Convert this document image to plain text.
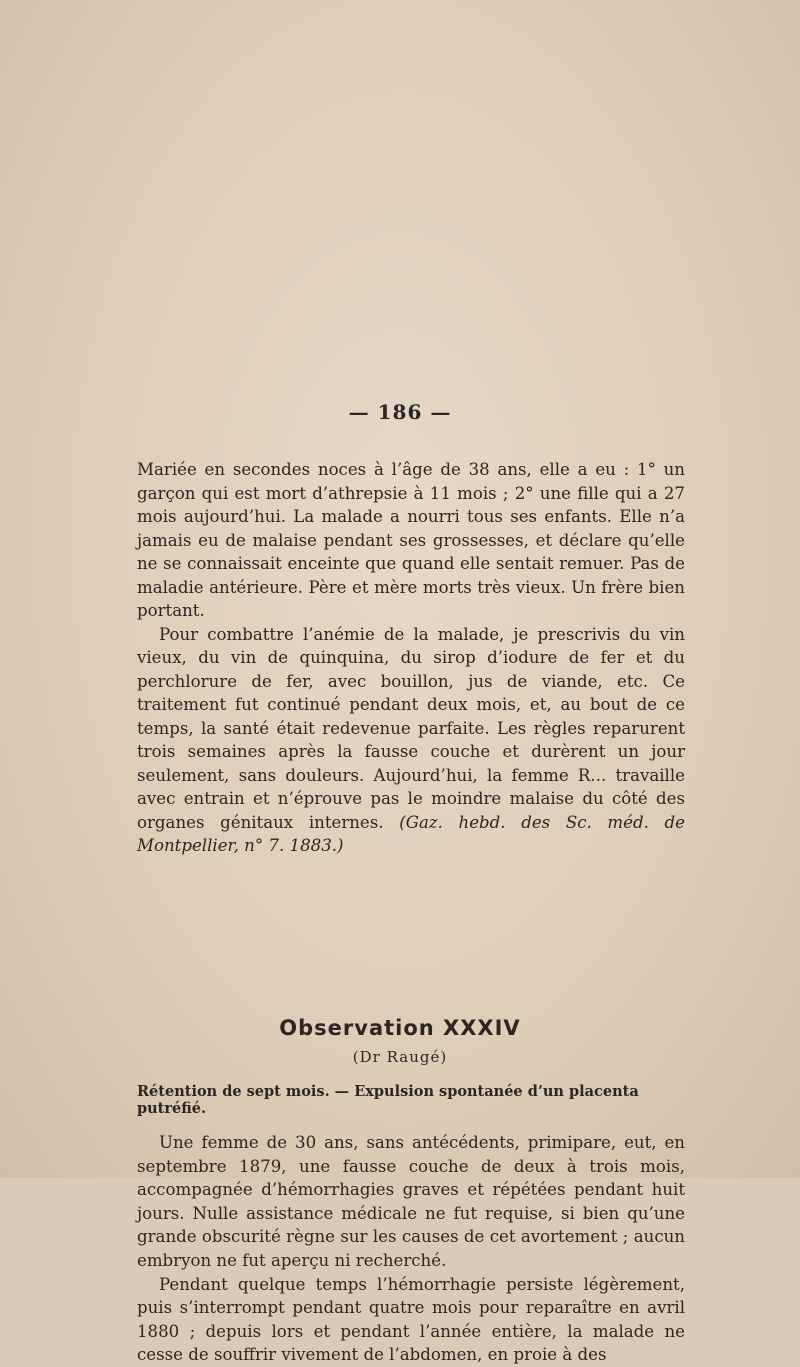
— 186 —

Mariée en secondes noces à l’âge de 38 ans, elle a eu : 1° un garçon qui est mort d’athrepsie à 11 mois ; 2° une fille qui a 27 mois aujourd’hui. La malade a nourri tous ses enfants. Elle n’a jamais eu de malaise pendant ses grossesses, et déclare qu’elle ne se connaissait enceinte que quand elle sentait remuer. Pas de maladie antérieure. Père et mère morts très vieux. Un frère bien portant.

Pour combattre l’anémie de la malade, je prescrivis du vin vieux, du vin de quinquina, du sirop d’iodure de fer et du perchlorure de fer, avec bouillon, jus de viande, etc. Ce traitement fut continué pendant deux mois, et, au bout de ce temps, la santé était redevenue parfaite. Les règles reparurent trois semaines après la fausse couche et durèrent un jour seulement, sans douleurs. Aujourd’hui, la femme R... travaille avec entrain et n’éprouve pas le moindre malaise du côté des organes génitaux internes. (Gaz. hebd. des Sc. méd. de Montpellier, n° 7. 1883.)

Observation XXXIV
(Dr Raugé)
Rétention de sept mois. — Expulsion spontanée d’un placenta putréfié.

Une femme de 30 ans, sans antécédents, primipare, eut, en septembre 1879, une fausse couche de deux à trois mois, accompagnée d’hémorrhagies graves et répétées pendant huit jours. Nulle assistance médicale ne fut requise, si bien qu’une grande obscurité règne sur les causes de cet avortement ; aucun embryon ne fut aperçu ni recherché.

Pendant quelque temps l’hémorrhagie persiste légèrement, puis s’interrompt pendant quatre mois pour reparaître en avril 1880 ; depuis lors et pendant l’année entière, la malade ne cesse de souffrir vivement de l’abdomen, en proie à des
